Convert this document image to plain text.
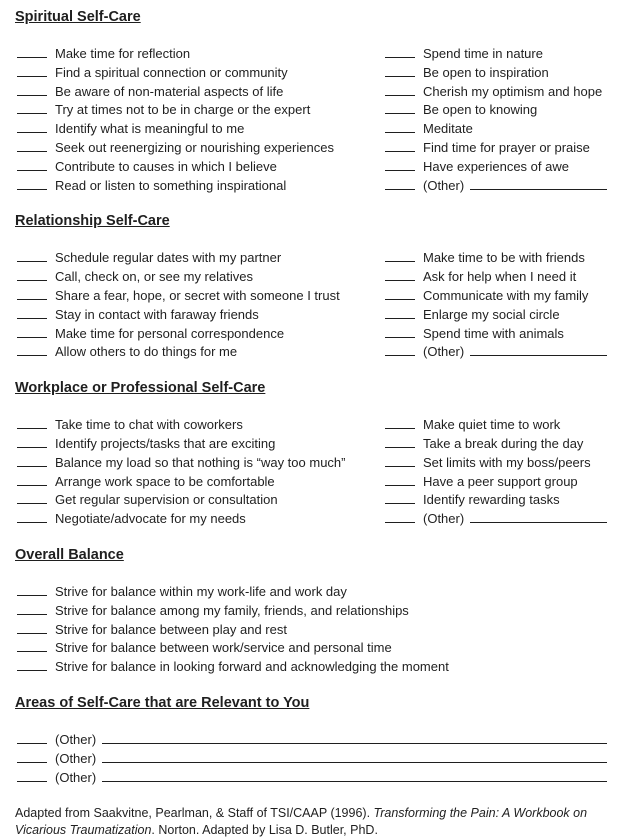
Spiritual Self-Care
Make time for reflection	Spend time in nature
Find a spiritual connection or community	Be open to inspiration
Be aware of non-material aspects of life	Cherish my optimism and hope
Try at times not to be in charge or the expert	Be open to knowing
Identify what is meaningful to me	Meditate
Seek out reenergizing or nourishing experiences	Find time for prayer or praise
Contribute to causes in which I believe	Have experiences of awe
Read or listen to something inspirational	(Other)
Relationship Self-Care
Schedule regular dates with my partner	Make time to be with friends
Call, check on, or see my relatives	Ask for help when I need it
Share a fear, hope, or secret with someone I trust	Communicate with my family
Stay in contact with faraway friends	Enlarge my social circle
Make time for personal correspondence	Spend time with animals
Allow others to do things for me	(Other)
Workplace or Professional Self-Care
Take time to chat with coworkers	Make quiet time to work
Identify projects/tasks that are exciting	Take a break during the day
Balance my load so that nothing is “way too much”	Set limits with my boss/peers
Arrange work space to be comfortable	Have a peer support group
Get regular supervision or consultation	Identify rewarding tasks
Negotiate/advocate for my needs	(Other)
Overall Balance
Strive for balance within my work-life and work day
Strive for balance among my family, friends, and relationships
Strive for balance between play and rest
Strive for balance between work/service and personal time
Strive for balance in looking forward and acknowledging the moment
Areas of Self-Care that are Relevant to You
(Other)
(Other)
(Other)

Adapted from Saakvitne, Pearlman, & Staff of TSI/CAAP (1996). Transforming the Pain: A Workbook on Vicarious Traumatization. Norton. Adapted by Lisa D. Butler, PhD.
